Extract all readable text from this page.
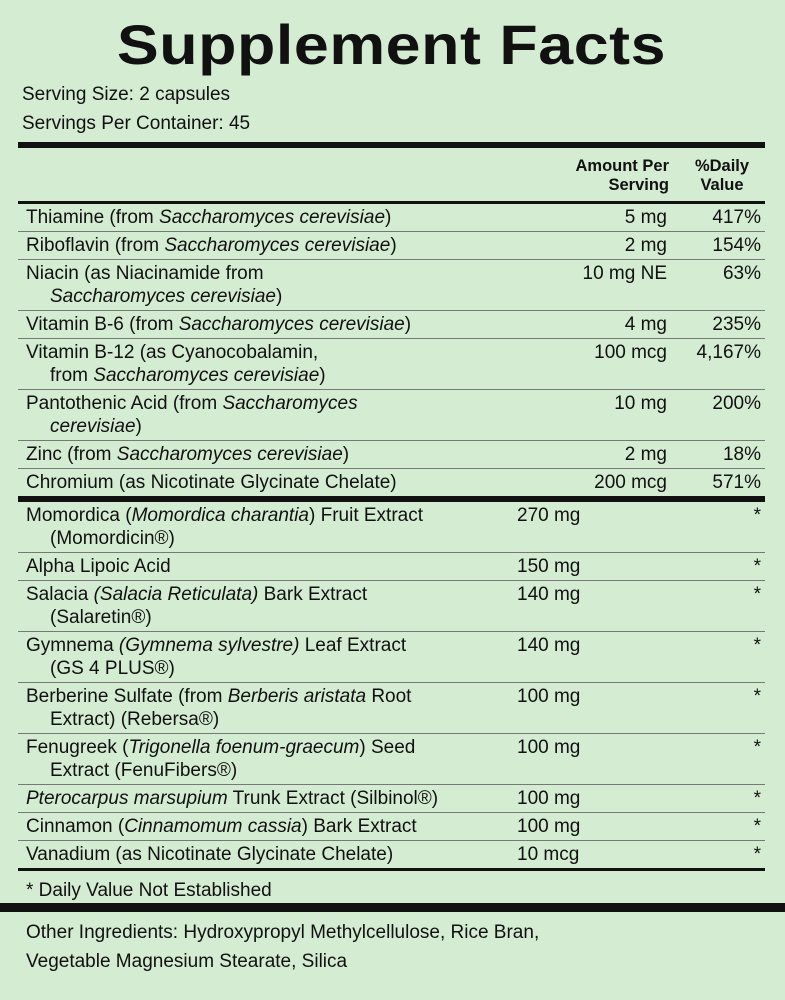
Supplement Facts
Serving Size: 2 capsules
Servings Per Container: 45
Amount Per
Serving
%Daily
Value
Thiamine (from Saccharomyces cerevisiae)	5 mg	417%
Riboflavin (from Saccharomyces cerevisiae)	2 mg	154%
Niacin (as Niacinamide from
Saccharomyces cerevisiae)
10 mg NE	63%
Vitamin B-6 (from Saccharomyces cerevisiae)	4 mg	235%
Vitamin B-12 (as Cyanocobalamin,
from Saccharomyces cerevisiae)
100 mcg	4,167%
Pantothenic Acid (from Saccharomyces
cerevisiae)
10 mg	200%
Zinc (from Saccharomyces cerevisiae)	2 mg	18%
Chromium (as Nicotinate Glycinate Chelate)	200 mcg	571%
Momordica (Momordica charantia) Fruit Extract
(Momordicin®)
270 mg	*
Alpha Lipoic Acid	150 mg	*
Salacia (Salacia Reticulata) Bark Extract
(Salaretin®)
140 mg	*
Gymnema (Gymnema sylvestre) Leaf Extract
(GS 4 PLUS®)
140 mg	*
Berberine Sulfate (from Berberis aristata Root
Extract) (Rebersa®)
100 mg	*
Fenugreek (Trigonella foenum-graecum) Seed
Extract (FenuFibers®)
100 mg	*
Pterocarpus marsupium Trunk Extract (Silbinol®)	100 mg	*
Cinnamon (Cinnamomum cassia) Bark Extract	100 mg	*
Vanadium (as Nicotinate Glycinate Chelate)	10 mcg	*
* Daily Value Not Established
Other Ingredients: Hydroxypropyl Methylcellulose, Rice Bran,
Vegetable Magnesium Stearate, Silica
